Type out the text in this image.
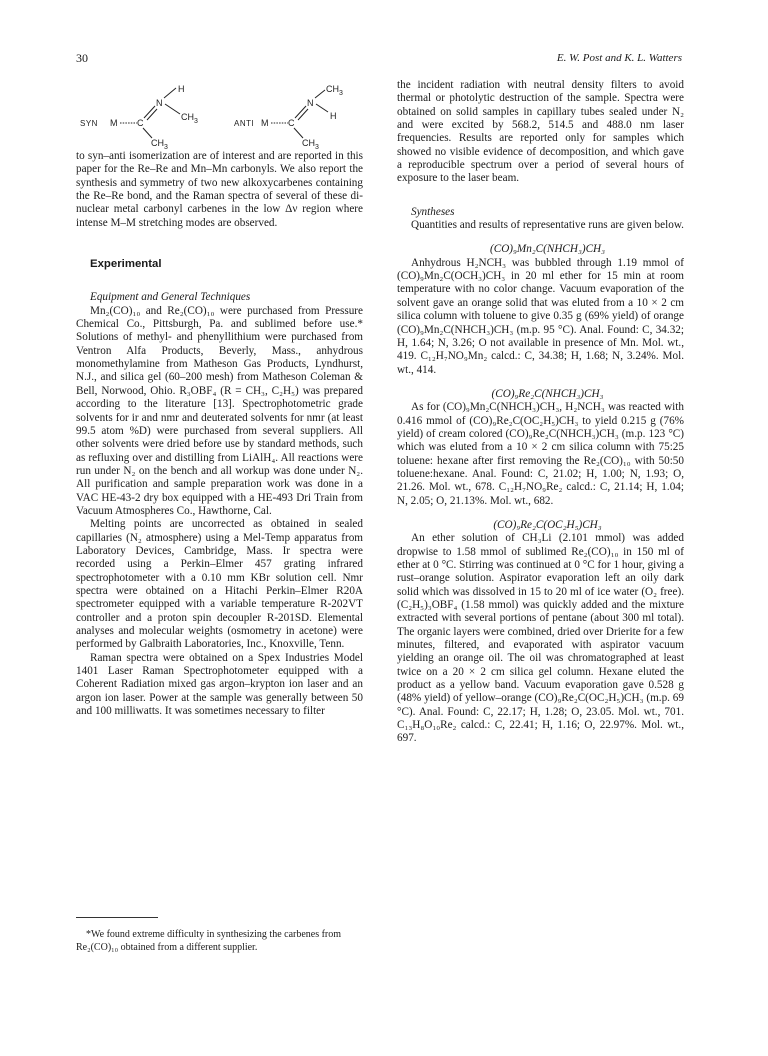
30	E. W. Post and K. L. Watters
SYN M C
N
H
$CH_3$
$CH_3$
ANTI M C
N
$CH_3$
H
$CH_3$

to syn–anti isomerization are of interest and are reported in this paper for the Re–Re and Mn–Mn carbonyls. We also report the synthesis and symmetry of two new alkoxycarbenes containing the Re–Re bond, and the Raman spectra of several of these di-nuclear metal carbonyl carbenes in the low Δν region where intense M–M stretching modes are observed.

Experimental

Equipment and General Techniques

Mn₂(CO)₁₀ and Re₂(CO)₁₀ were purchased from Pressure Chemical Co., Pittsburgh, Pa. and sublimed before use.* Solutions of methyl- and phenyllithium were purchased from Ventron Alfa Products, Beverly, Mass., anhydrous monomethylamine from Matheson Gas Products, Lyndhurst, N.J., and silica gel (60–200 mesh) from Matheson Coleman & Bell, Norwood, Ohio. R₃OBF₄ (R = CH₃, C₂H₅) was prepared according to the literature [13]. Spectrophotometric grade solvents for ir and nmr and deuterated solvents for nmr (at least 99.5 atom %D) were purchased from several suppliers. All other solvents were dried before use by standard methods, such as refluxing over and distilling from LiAlH₄. All reactions were run under N₂ on the bench and all workup was done under N₂. All purification and sample preparation work was done in a VAC HE-43-2 dry box equipped with a HE-493 Dri Train from Vacuum Atmospheres Co., Hawthorne, Cal.

Melting points are uncorrected as obtained in sealed capillaries (N₂ atmosphere) using a Mel-Temp apparatus from Laboratory Devices, Cambridge, Mass. Ir spectra were recorded using a Perkin–Elmer 457 grating infrared spectrophotometer with a 0.10 mm KBr solution cell. Nmr spectra were obtained on a Hitachi Perkin–Elmer R20A spectrometer equipped with a variable temperature R-202VT controller and a proton spin decoupler R-201SD. Elemental analyses and molecular weights (osmometry in acetone) were performed by Galbraith Laboratories, Inc., Knoxville, Tenn.

Raman spectra were obtained on a Spex Industries Model 1401 Laser Raman Spectrophotometer equipped with a Coherent Radiation mixed gas argon–krypton ion laser and an argon ion laser. Power at the sample was generally between 50 and 100 milliwatts. It was sometimes necessary to filter

*We found extreme difficulty in synthesizing the carbenes from Re₂(CO)₁₀ obtained from a different supplier.

the incident radiation with neutral density filters to avoid thermal or photolytic destruction of the sample. Spectra were obtained on solid samples in capillary tubes sealed under N₂ and were excited by 568.2, 514.5 and 488.0 nm laser frequencies. Results are reported only for samples which showed no visible evidence of decomposition, and which gave a reproducible spectrum over a period of several hours of exposure to the laser beam.

Syntheses

Quantities and results of representative runs are given below.

(CO)₉Mn₂C(NHCH₃)CH₃

Anhydrous H₂NCH₃ was bubbled through 1.19 mmol of (CO)₉Mn₂C(OCH₃)CH₃ in 20 ml ether for 15 min at room temperature with no color change. Vacuum evaporation of the solvent gave an orange solid that was eluted from a 10 × 2 cm silica column with toluene to give 0.35 g (69% yield) of orange (CO)₉Mn₂C(NHCH₃)CH₃ (m.p. 95 °C). Anal. Found: C, 34.32; H, 1.64; N, 3.26; O not available in presence of Mn. Mol. wt., 419. C₁₂H₇NO₉Mn₂ calcd.: C, 34.38; H, 1.68; N, 3.24%. Mol. wt., 414.

(CO)₉Re₂C(NHCH₃)CH₃

As for (CO)₉Mn₂C(NHCH₃)CH₃, H₂NCH₃ was reacted with 0.416 mmol of (CO)₉Re₂C(OC₂H₅)CH₃ to yield 0.215 g (76% yield) of cream colored (CO)₉Re₂C(NHCH₃)CH₃ (m.p. 123 °C) which was eluted from a 10 × 2 cm silica column with 75:25 toluene: hexane after first removing the Re₂(CO)₁₀ with 50:50 toluene:hexane. Anal. Found: C, 21.02; H, 1.00; N, 1.93; O, 21.26. Mol. wt., 678. C₁₂H₇NO₉Re₂ calcd.: C, 21.14; H, 1.04; N, 2.05; O, 21.13%. Mol. wt., 682.

(CO)₉Re₂C(OC₂H₅)CH₃

An ether solution of CH₃Li (2.101 mmol) was added dropwise to 1.58 mmol of sublimed Re₂(CO)₁₀ in 150 ml of ether at 0 °C. Stirring was continued at 0 °C for 1 hour, giving a rust–orange solution. Aspirator evaporation left an oily dark solid which was dissolved in 15 to 20 ml of ice water (O₂ free). (C₂H₅)₃OBF₄ (1.58 mmol) was quickly added and the mixture extracted with several portions of pentane (about 300 ml total). The organic layers were combined, dried over Drierite for a few minutes, filtered, and evaporated with aspirator vacuum yielding an orange oil. The oil was chromatographed at least twice on a 20 × 2 cm silica gel column. Hexane eluted the product as a yellow band. Vacuum evaporation gave 0.528 g (48% yield) of yellow–orange (CO)₉Re₂C(OC₂H₅)CH₃ (m.p. 69 °C). Anal. Found: C, 22.17; H, 1.28; O, 23.05. Mol. wt., 701. C₁₃H₈O₁₀Re₂ calcd.: C, 22.41; H, 1.16; O, 22.97%. Mol. wt., 697.
